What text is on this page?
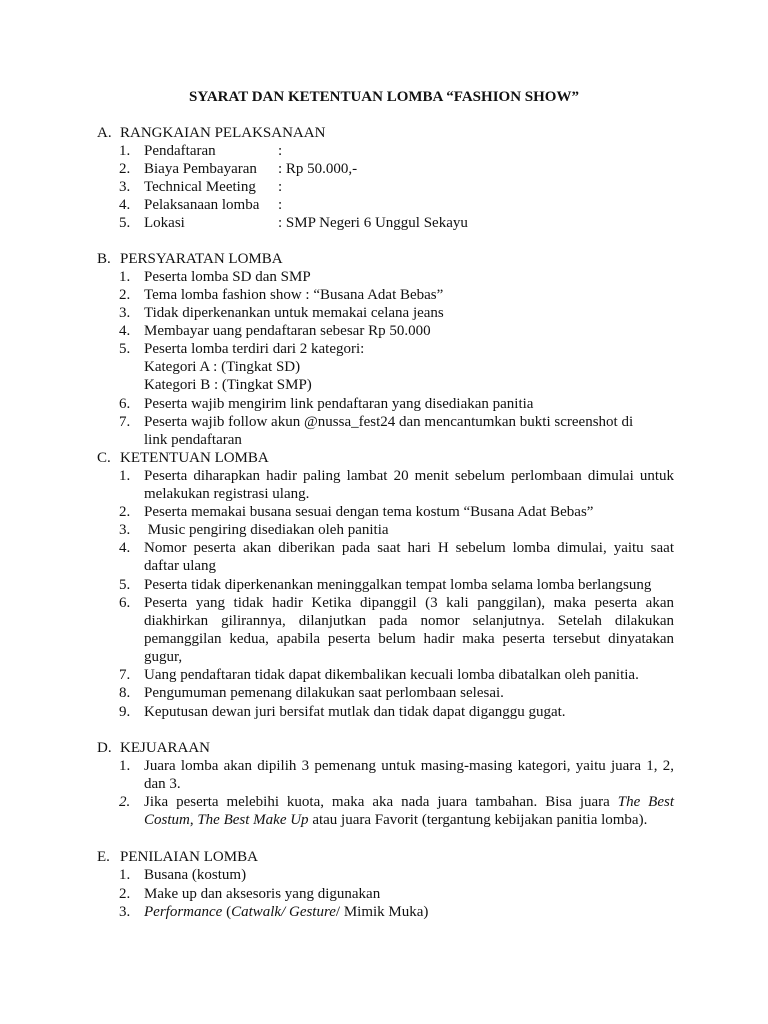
SYARAT DAN KETENTUAN LOMBA “FASHION SHOW”
A. RANGKAIAN PELAKSANAAN
1. Pendaftaran	:
2. Biaya Pembayaran : Rp 50.000,-
3. Technical Meeting :
4. Pelaksanaan lomba :
5. Lokasi	: SMP Negeri 6 Unggul Sekayu
B. PERSYARATAN LOMBA
1. Peserta lomba SD dan SMP
2. Tema lomba fashion show : “Busana Adat Bebas”
3. Tidak diperkenankan untuk memakai celana jeans
4. Membayar uang pendaftaran sebesar Rp 50.000
5. Peserta lomba terdiri dari 2 kategori:
Kategori A : (Tingkat SD)
Kategori B : (Tingkat SMP)
6. Peserta wajib mengirim link pendaftaran yang disediakan panitia
7. Peserta wajib follow akun @nussa_fest24 dan mencantumkan bukti screenshot di
link pendaftaran
C. KETENTUAN LOMBA
1. Peserta diharapkan hadir paling lambat 20 menit sebelum perlombaan dimulai untuk
melakukan registrasi ulang.
2. Peserta memakai busana sesuai dengan tema kostum “Busana Adat Bebas”
3. Music pengiring disediakan oleh panitia
4. Nomor peserta akan diberikan pada saat hari H sebelum lomba dimulai, yaitu saat
daftar ulang
5. Peserta tidak diperkenankan meninggalkan tempat lomba selama lomba berlangsung
6. Peserta yang tidak hadir Ketika dipanggil (3 kali panggilan), maka peserta akan
diakhirkan gilirannya, dilanjutkan pada nomor selanjutnya. Setelah dilakukan
pemanggilan kedua, apabila peserta belum hadir maka peserta tersebut dinyatakan
gugur,
7. Uang pendaftaran tidak dapat dikembalikan kecuali lomba dibatalkan oleh panitia.
8. Pengumuman pemenang dilakukan saat perlombaan selesai.
9. Keputusan dewan juri bersifat mutlak dan tidak dapat diganggu gugat.
D. KEJUARAAN
1. Juara lomba akan dipilih 3 pemenang untuk masing-masing kategori, yaitu juara 1, 2,
dan 3.
2. Jika peserta melebihi kuota, maka aka nada juara tambahan. Bisa juara The Best
Costum, The Best Make Up atau juara Favorit (tergantung kebijakan panitia lomba).
E. PENILAIAN LOMBA
1. Busana (kostum)
2. Make up dan aksesoris yang digunakan
3. Performance (Catwalk/ Gesture/ Mimik Muka)
